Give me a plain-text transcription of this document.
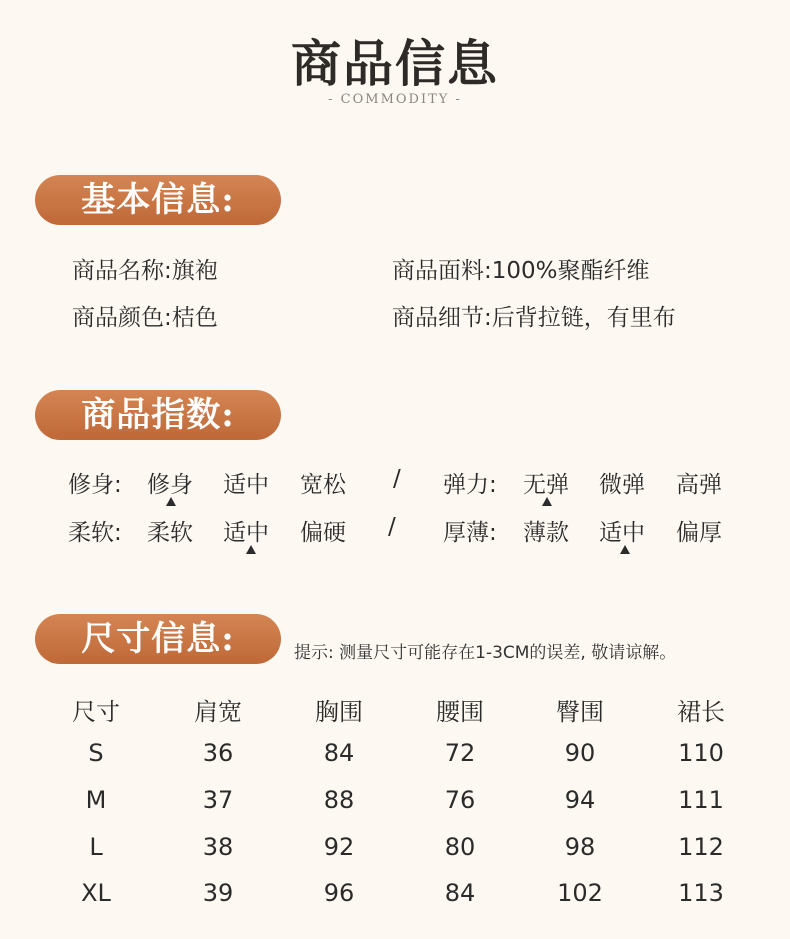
商品信息
- COMMODITY -
基本信息:
商品名称:旗袍	商品面料:100%聚酯纤维
商品颜色:桔色	商品细节:后背拉链，有里布
商品指数:
修身: 修身 适中 宽松 / 弹力: 无弹 微弹 高弹
柔软: 柔软 适中 偏硬 / 厚薄: 薄款 适中 偏厚
尺寸信息:	提示: 测量尺寸可能存在1-3CM的误差, 敬请谅解。
尺寸	肩宽	胸围	腰围	臀围	裙长
S	36	84	72	90	110
M	37	88	76	94	111
L	38	92	80	98	112
XL	39	96	84	102	113
